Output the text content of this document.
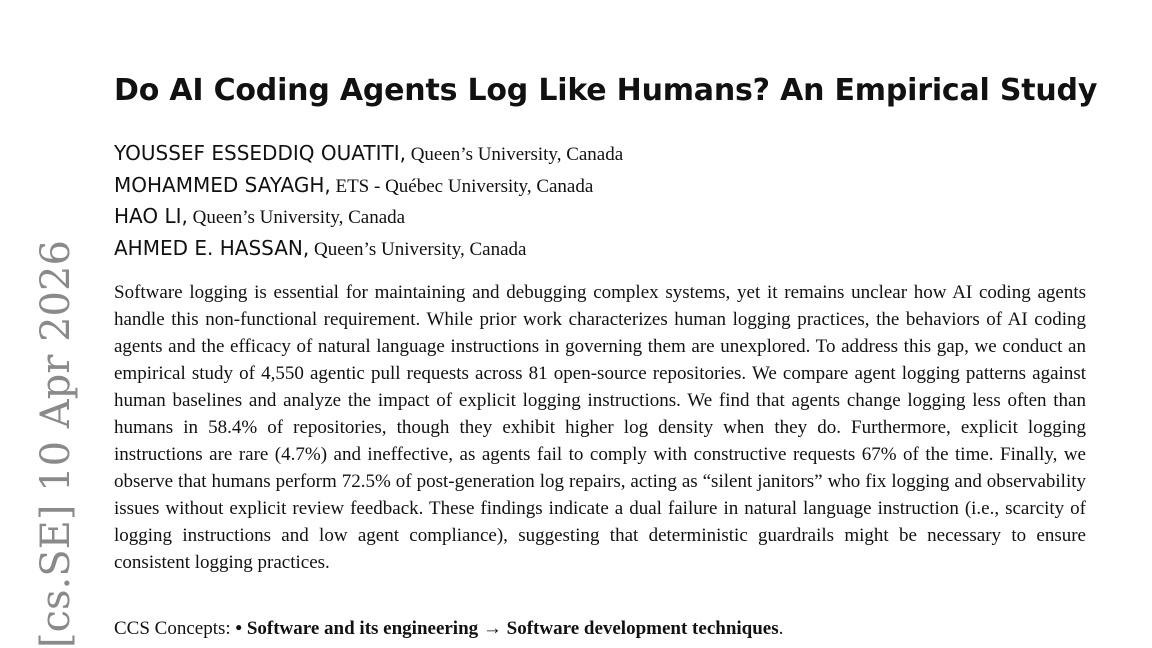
[cs.SE] 10 Apr 2026
Do AI Coding Agents Log Like Humans? An Empirical Study
YOUSSEF ESSEDDIQ OUATITI, Queen’s University, Canada
MOHAMMED SAYAGH, ETS - Québec University, Canada
HAO LI, Queen’s University, Canada
AHMED E. HASSAN, Queen’s University, Canada

Software logging is essential for maintaining and debugging complex systems, yet it remains unclear how AI coding agents handle this non-functional requirement. While prior work characterizes human logging practices, the behaviors of AI coding agents and the efficacy of natural language instructions in governing them are unexplored. To address this gap, we conduct an empirical study of 4,550 agentic pull requests across 81 open-source repositories. We compare agent logging patterns against human baselines and analyze the impact of explicit logging instructions. We find that agents change logging less often than humans in 58.4% of repositories, though they exhibit higher log density when they do. Furthermore, explicit logging instructions are rare (4.7%) and ineffective, as agents fail to comply with constructive requests 67% of the time. Finally, we observe that humans perform 72.5% of post-generation log repairs, acting as “silent janitors” who fix logging and observability issues without explicit review feedback. These findings indicate a dual failure in natural language instruction (i.e., scarcity of logging instructions and low agent compliance), suggesting that deterministic guardrails might be necessary to ensure consistent logging practices.

CCS Concepts: • Software and its engineering → Software development techniques.
